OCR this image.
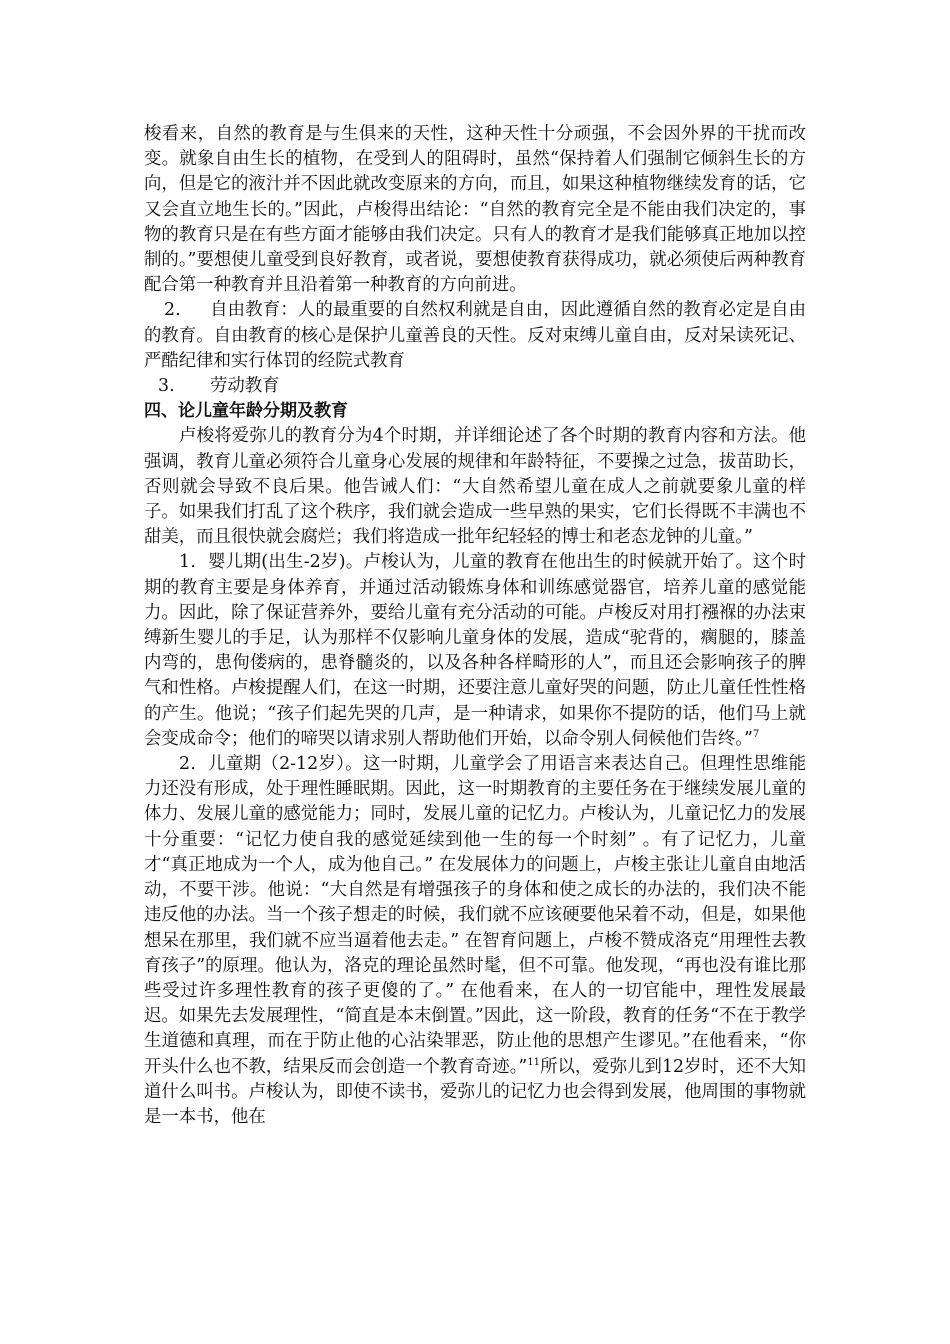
梭看来，自然的教育是与生俱来的天性，这种天性十分顽强，不会因外界的干扰而改变。就象自由生长的植物，在受到人的阻碍时，虽然“保持着人们强制它倾斜生长的方向，但是它的液汁并不因此就改变原来的方向，而且，如果这种植物继续发育的话，它又会直立地生长的。”因此，卢梭得出结论：“自然的教育完全是不能由我们决定的，事物的教育只是在有些方面才能够由我们决定。只有人的教育才是我们能够真正地加以控制的。”要想使儿童受到良好教育，或者说，要想使教育获得成功，就必须使后两种教育配合第一种教育并且沿着第一种教育的方向前进。

2. 自由教育：人的最重要的自然权利就是自由，因此遵循自然的教育必定是自由的教育。自由教育的核心是保护儿童善良的天性。反对束缚儿童自由，反对呆读死记、严酷纪律和实行体罚的经院式教育

3. 劳动教育

四、论儿童年龄分期及教育

卢梭将爱弥儿的教育分为4个时期，并详细论述了各个时期的教育内容和方法。他强调，教育儿童必须符合儿童身心发展的规律和年龄特征，不要操之过急，拔苗助长，否则就会导致不良后果。他告诫人们：“大自然希望儿童在成人之前就要象儿童的样子。如果我们打乱了这个秩序，我们就会造成一些早熟的果实，它们长得既不丰满也不甜美，而且很快就会腐烂；我们将造成一批年纪轻轻的博士和老态龙钟的儿童。”

1．婴儿期(出生-2岁)。卢梭认为，儿童的教育在他出生的时候就开始了。这个时期的教育主要是身体养育，并通过活动锻炼身体和训练感觉器官，培养儿童的感觉能力。因此，除了保证营养外，要给儿童有充分活动的可能。卢梭反对用打襁褓的办法束缚新生婴儿的手足，认为那样不仅影响儿童身体的发展，造成“驼背的，瘸腿的，膝盖内弯的，患佝偻病的，患脊髓炎的，以及各种各样畸形的人”，而且还会影响孩子的脾气和性格。卢梭提醒人们，在这一时期，还要注意儿童好哭的问题，防止儿童任性性格的产生。他说；“孩子们起先哭的几声，是一种请求，如果你不提防的话，他们马上就会变成命令；他们的啼哭以请求别人帮助他们开始，以命令别人伺候他们告终。”$^7$

2．儿童期（2-12岁）。这一时期，儿童学会了用语言来表达自己。但理性思维能力还没有形成，处于理性睡眠期。因此，这一时期教育的主要任务在于继续发展儿童的体力、发展儿童的感觉能力；同时，发展儿童的记忆力。卢梭认为，儿童记忆力的发展十分重要：“记忆力使自我的感觉延续到他一生的每一个时刻” 。有了记忆力，儿童才“真正地成为一个人，成为他自己。” 在发展体力的问题上，卢梭主张让儿童自由地活动，不要干涉。他说：“大自然是有增强孩子的身体和使之成长的办法的，我们决不能违反他的办法。当一个孩子想走的时候，我们就不应该硬要他呆着不动，但是，如果他想呆在那里，我们就不应当逼着他去走。” 在智育问题上，卢梭不赞成洛克“用理性去教育孩子”的原理。他认为，洛克的理论虽然时髦，但不可靠。他发现，“再也没有谁比那些受过许多理性教育的孩子更傻的了。” 在他看来，在人的一切官能中，理性发展最迟。如果先去发展理性，“简直是本末倒置。”因此，这一阶段，教育的任务“不在于教学生道德和真理，而在于防止他的心沾染罪恶，防止他的思想产生谬见。”在他看来，“你开头什么也不教，结果反而会创造一个教育奇迹。”$^{11}$所以，爱弥儿到12岁时，还不大知道什么叫书。卢梭认为，即使不读书，爱弥儿的记忆力也会得到发展，他周围的事物就是一本书，他在
